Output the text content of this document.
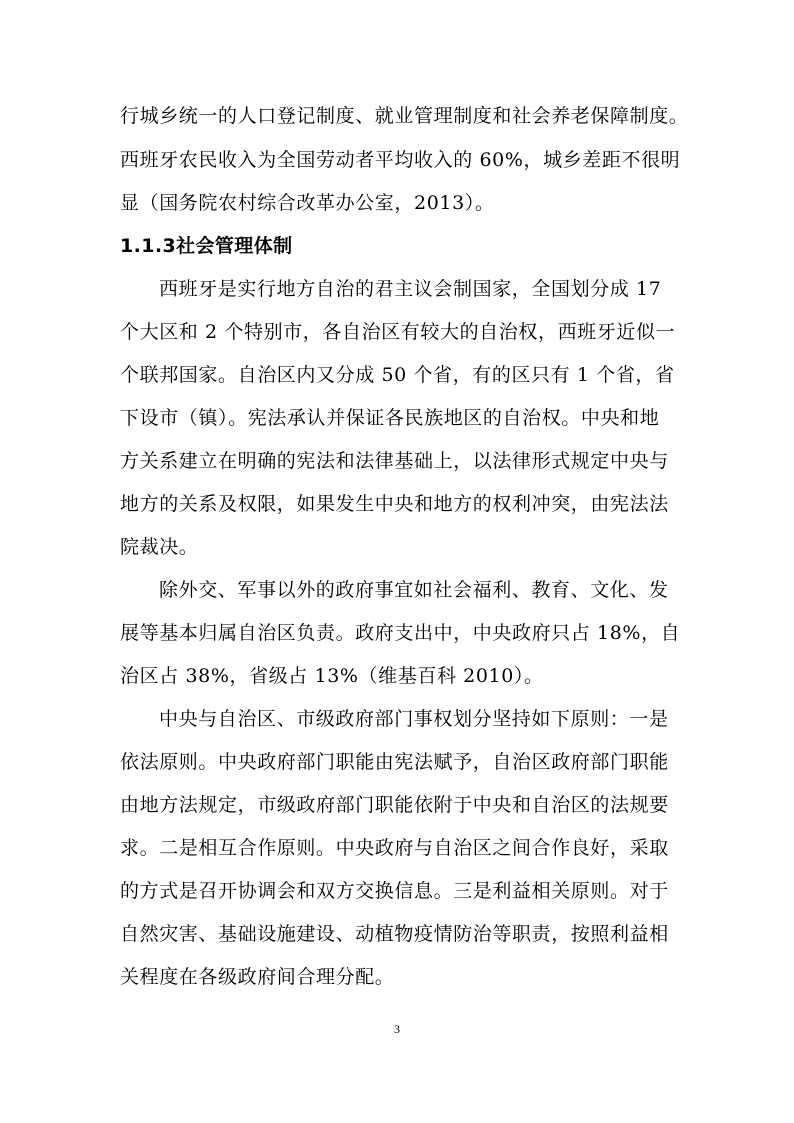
行城乡统一的人口登记制度、就业管理制度和社会养老保障制度。
西班牙农民收入为全国劳动者平均收入的 60%，城乡差距不很明
显（国务院农村综合改革办公室，2013）。
1.1.3社会管理体制
西班牙是实行地方自治的君主议会制国家，全国划分成 17
个大区和 2 个特别市，各自治区有较大的自治权，西班牙近似一
个联邦国家。自治区内又分成 50 个省，有的区只有 1 个省，省
下设市（镇）。宪法承认并保证各民族地区的自治权。中央和地
方关系建立在明确的宪法和法律基础上，以法律形式规定中央与
地方的关系及权限，如果发生中央和地方的权利冲突，由宪法法
院裁决。
除外交、军事以外的政府事宜如社会福利、教育、文化、发
展等基本归属自治区负责。政府支出中，中央政府只占 18%，自
治区占 38%，省级占 13%（维基百科 2010）。
中央与自治区、市级政府部门事权划分坚持如下原则：一是
依法原则。中央政府部门职能由宪法赋予，自治区政府部门职能
由地方法规定，市级政府部门职能依附于中央和自治区的法规要
求。二是相互合作原则。中央政府与自治区之间合作良好，采取
的方式是召开协调会和双方交换信息。三是利益相关原则。对于
自然灾害、基础设施建设、动植物疫情防治等职责，按照利益相
关程度在各级政府间合理分配。
3
